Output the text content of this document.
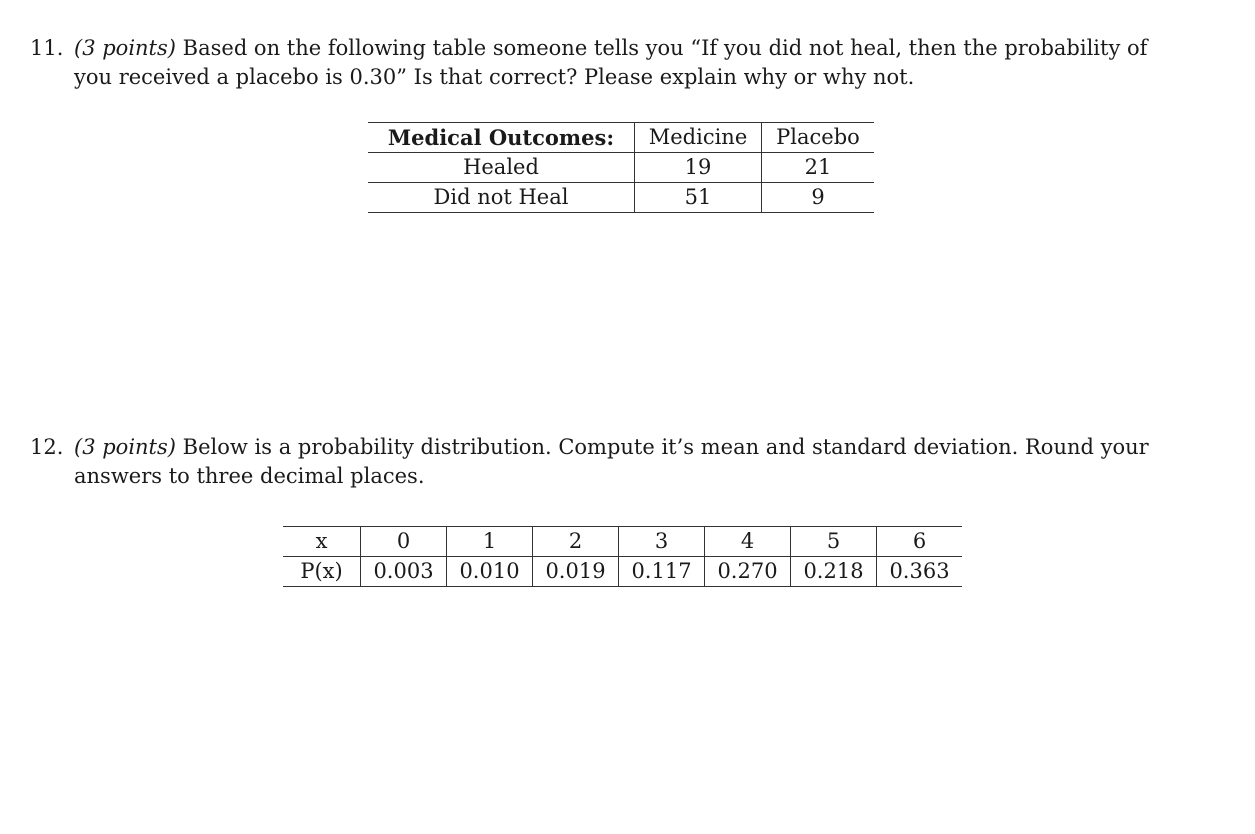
11. (3 points) Based on the following table someone tells you “If you did not heal, then the probability of
you received a placebo is 0.30” Is that correct? Please explain why or why not.
Medical Outcomes:	Medicine	Placebo
Healed	19	21
Did not Heal	51	9
12. (3 points) Below is a probability distribution. Compute it’s mean and standard deviation. Round your
answers to three decimal places.
x	0	1	2	3	4	5	6
P(x)	0.003	0.010	0.019	0.117	0.270	0.218	0.363
